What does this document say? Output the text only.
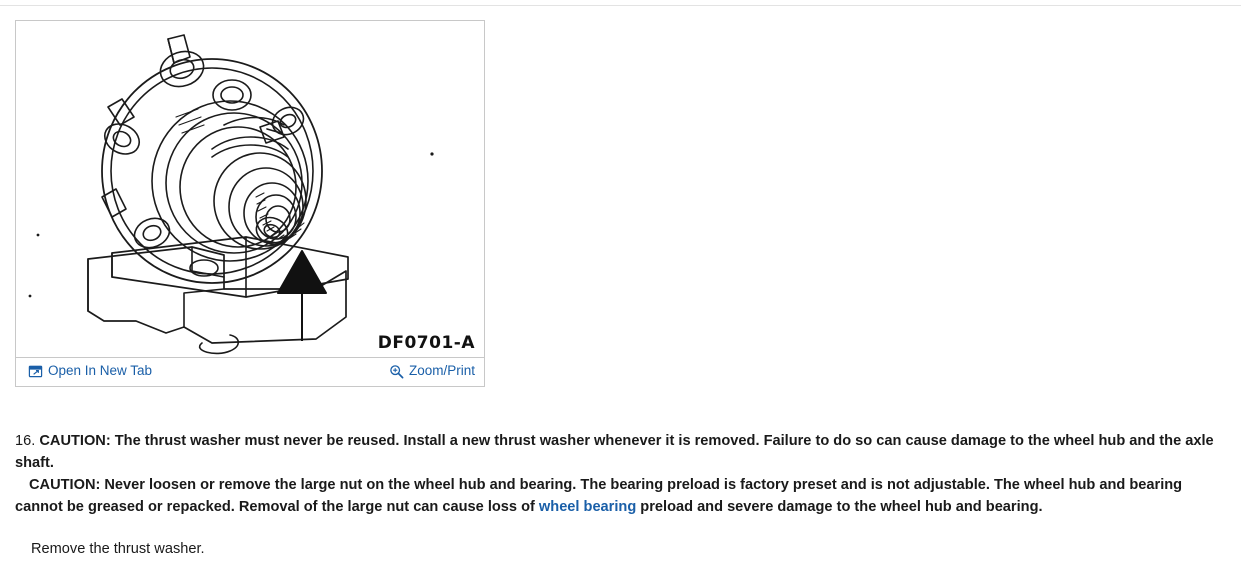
DF0701-A
Open In New Tab	Zoom/Print
16. CAUTION: The thrust washer must never be reused. Install a new thrust washer whenever it is removed. Failure to do so can cause damage to the wheel hub and the axle shaft.
CAUTION: Never loosen or remove the large nut on the wheel hub and bearing. The bearing preload is factory preset and is not adjustable. The wheel hub and bearing cannot be greased or repacked. Removal of the large nut can cause loss of wheel bearing preload and severe damage to the wheel hub and bearing.
Remove the thrust washer.
